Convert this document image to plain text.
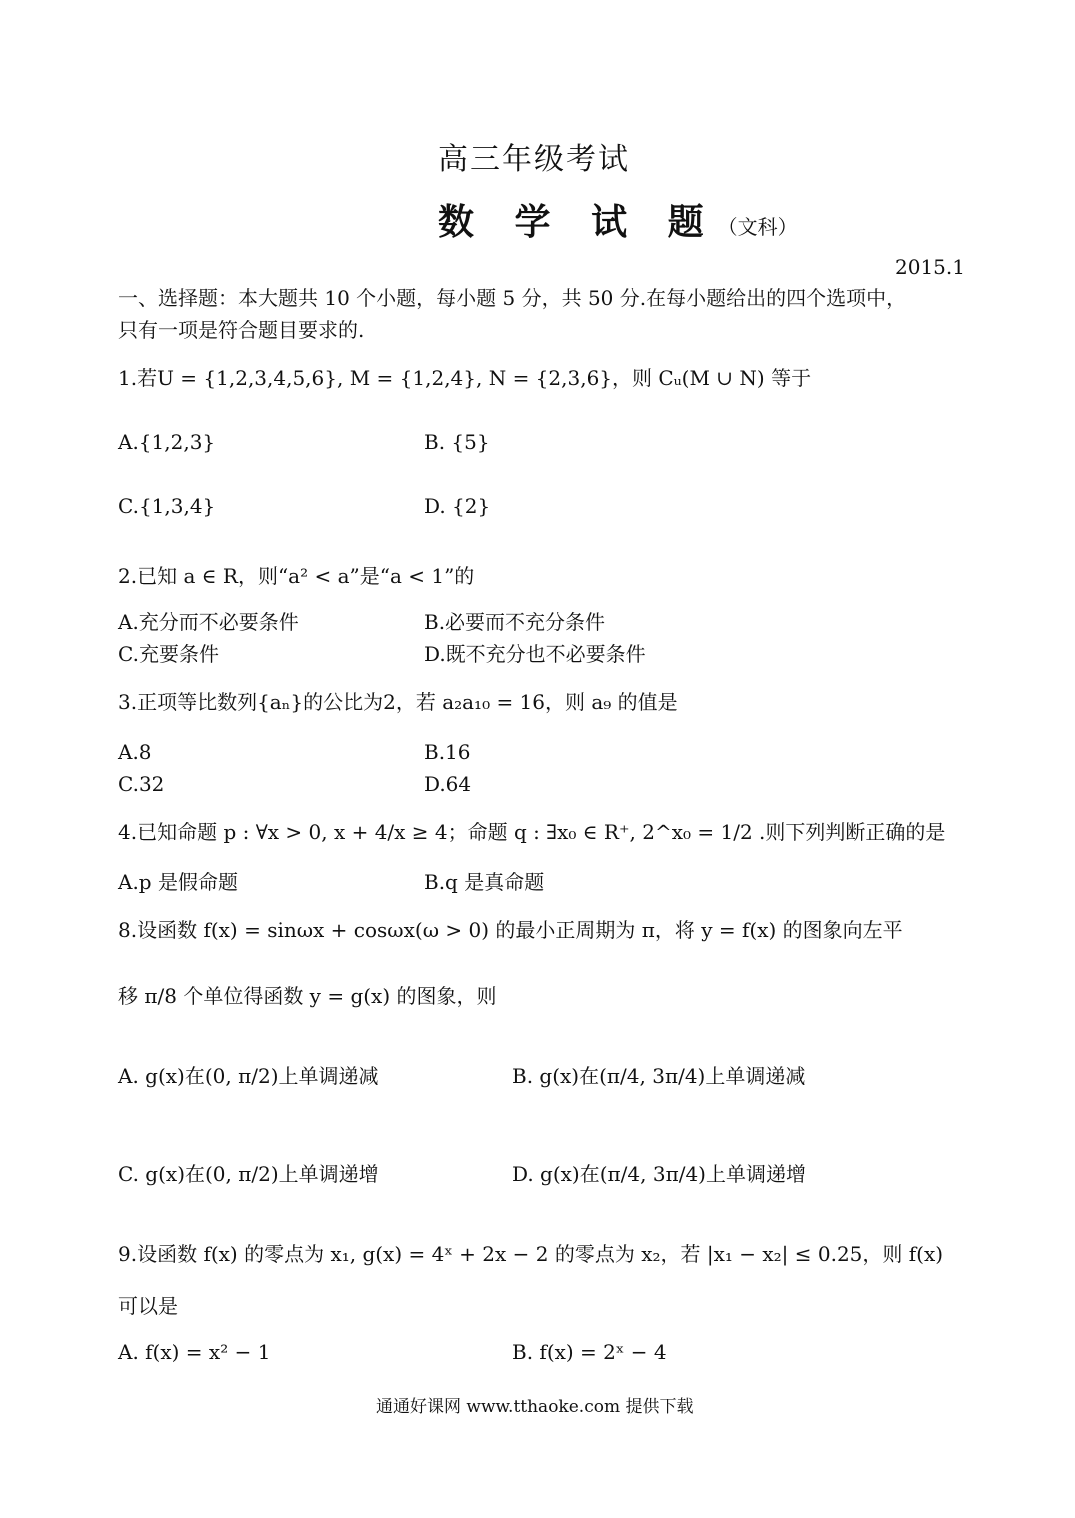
高三年级考试
数 学 试 题（文科）
2015.1
一、选择题：本大题共 10 个小题，每小题 5 分，共 50 分.在每小题给出的四个选项中，
只有一项是符合题目要求的.
1.若U = {1,2,3,4,5,6}, M = {1,2,4}, N = {2,3,6}，则 Cᵤ(M ∪ N) 等于
A.{1,2,3}	B. {5}
C.{1,3,4}	D. {2}
2.已知 a ∈ R，则“a² < a”是“a < 1”的
A.充分而不必要条件	B.必要而不充分条件
C.充要条件	D.既不充分也不必要条件
3.正项等比数列{aₙ}的公比为2，若 a₂a₁₀ = 16，则 a₉ 的值是
A.8	B.16
C.32	D.64
4.已知命题 p : ∀x > 0, x + 4/x ≥ 4；命题 q : ∃x₀ ∈ R⁺, 2^x₀ = 1/2 .则下列判断正确的是
A.p 是假命题	B.q 是真命题
8.设函数 f(x) = sinωx + cosωx(ω > 0) 的最小正周期为 π，将 y = f(x) 的图象向左平
移 π/8 个单位得函数 y = g(x) 的图象，则
A. g(x)在(0, π/2)上单调递减	B. g(x)在(π/4, 3π/4)上单调递减
C. g(x)在(0, π/2)上单调递增	D. g(x)在(π/4, 3π/4)上单调递增
9.设函数 f(x) 的零点为 x₁, g(x) = 4ˣ + 2x − 2 的零点为 x₂，若 |x₁ − x₂| ≤ 0.25，则 f(x)
可以是
A. f(x) = x² − 1	B. f(x) = 2ˣ − 4
通通好课网 www.tthaoke.com 提供下载
